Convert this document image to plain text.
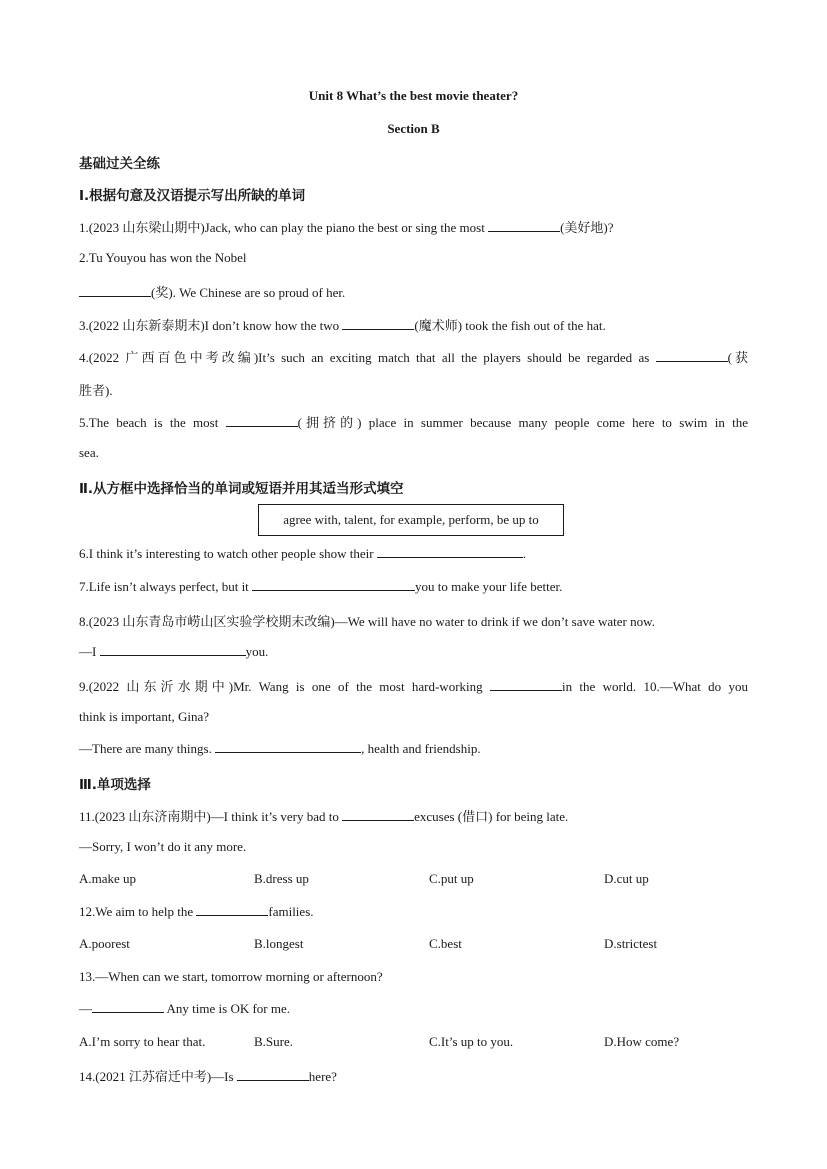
Unit 8 What’s the best movie theater?
Section B
基础过关全练
Ⅰ.根据句意及汉语提示写出所缺的单词
1.(2023 山东梁山期中)Jack, who can play the piano the best or sing the most	(美好地)?
2.Tu Youyou has won the Nobel
(奖). We Chinese are so proud of her.
3.(2022 山东新泰期末)I don’t know how the two	(魔术师) took the fish out of the hat.
4.(2022 广西百色中考改编)It’s such an exciting match that all the players should be regarded as	(获
胜者).
5.The beach is the most	(拥挤的) place in summer because many people come here to swim in the
sea.
Ⅱ.从方框中选择恰当的单词或短语并用其适当形式填空
agree with, talent, for example, perform, be up to
6.I think it’s interesting to watch other people show their	.
7.Life isn’t always perfect, but it	you to make your life better.
8.(2023 山东青岛市崂山区实验学校期末改编)—We will have no water to drink if we don’t save water now.
—I	you.
9.(2022 山东沂水期中)Mr. Wang is one of the most hard-working	in the world. 10.—What do you
think is important, Gina?
—There are many things.	, health and friendship.
Ⅲ.单项选择
11.(2023 山东济南期中)—I think it’s very bad to	excuses (借口) for being late.
—Sorry, I won’t do it any more.
A.make up	B.dress up	C.put up	D.cut up
12.We aim to help the	families.
A.poorest	B.longest	C.best	D.strictest
13.—When can we start, tomorrow morning or afternoon?
—	Any time is OK for me.
A.I’m sorry to hear that.	B.Sure.	C.It’s up to you.	D.How come?
14.(2021 江苏宿迁中考)—Is	here?
